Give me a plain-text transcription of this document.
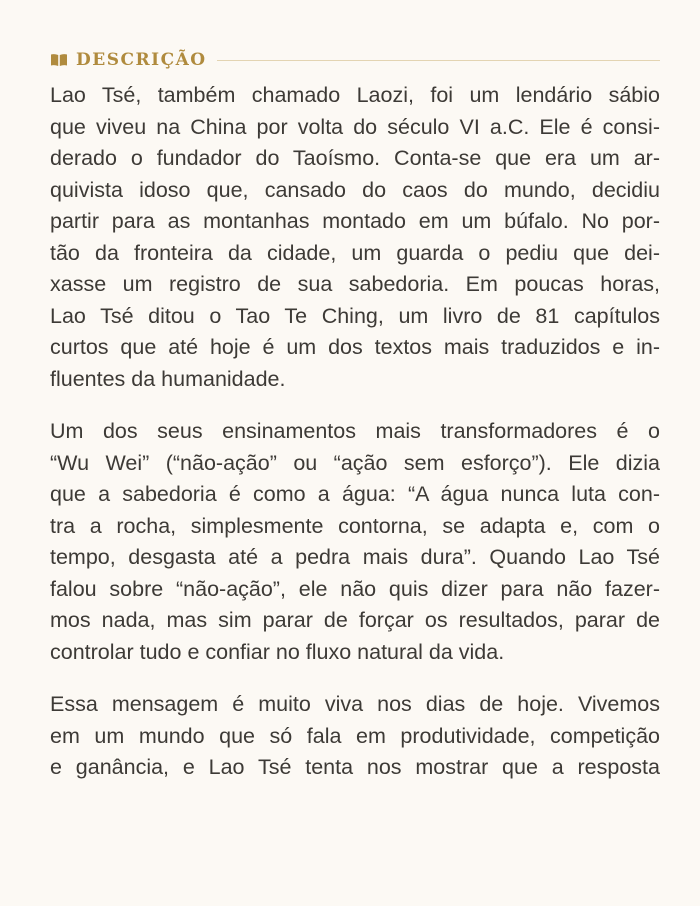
DESCRIÇÃO

Lao Tsé, também chamado Laozi, foi um lendário sábio
que viveu na China por volta do século VI a.C. Ele é consi-
derado o fundador do Taoísmo. Conta-se que era um ar-
quivista idoso que, cansado do caos do mundo, decidiu
partir para as montanhas montado em um búfalo. No por-
tão da fronteira da cidade, um guarda o pediu que dei-
xasse um registro de sua sabedoria. Em poucas horas,
Lao Tsé ditou o Tao Te Ching, um livro de 81 capítulos
curtos que até hoje é um dos textos mais traduzidos e in-
fluentes da humanidade.

Um dos seus ensinamentos mais transformadores é o
“Wu Wei” (“não-ação” ou “ação sem esforço”). Ele dizia
que a sabedoria é como a água: “A água nunca luta con-
tra a rocha, simplesmente contorna, se adapta e, com o
tempo, desgasta até a pedra mais dura”. Quando Lao Tsé
falou sobre “não-ação”, ele não quis dizer para não fazer-
mos nada, mas sim parar de forçar os resultados, parar de
controlar tudo e confiar no fluxo natural da vida.

Essa mensagem é muito viva nos dias de hoje. Vivemos
em um mundo que só fala em produtividade, competição
e ganância, e Lao Tsé tenta nos mostrar que a resposta
